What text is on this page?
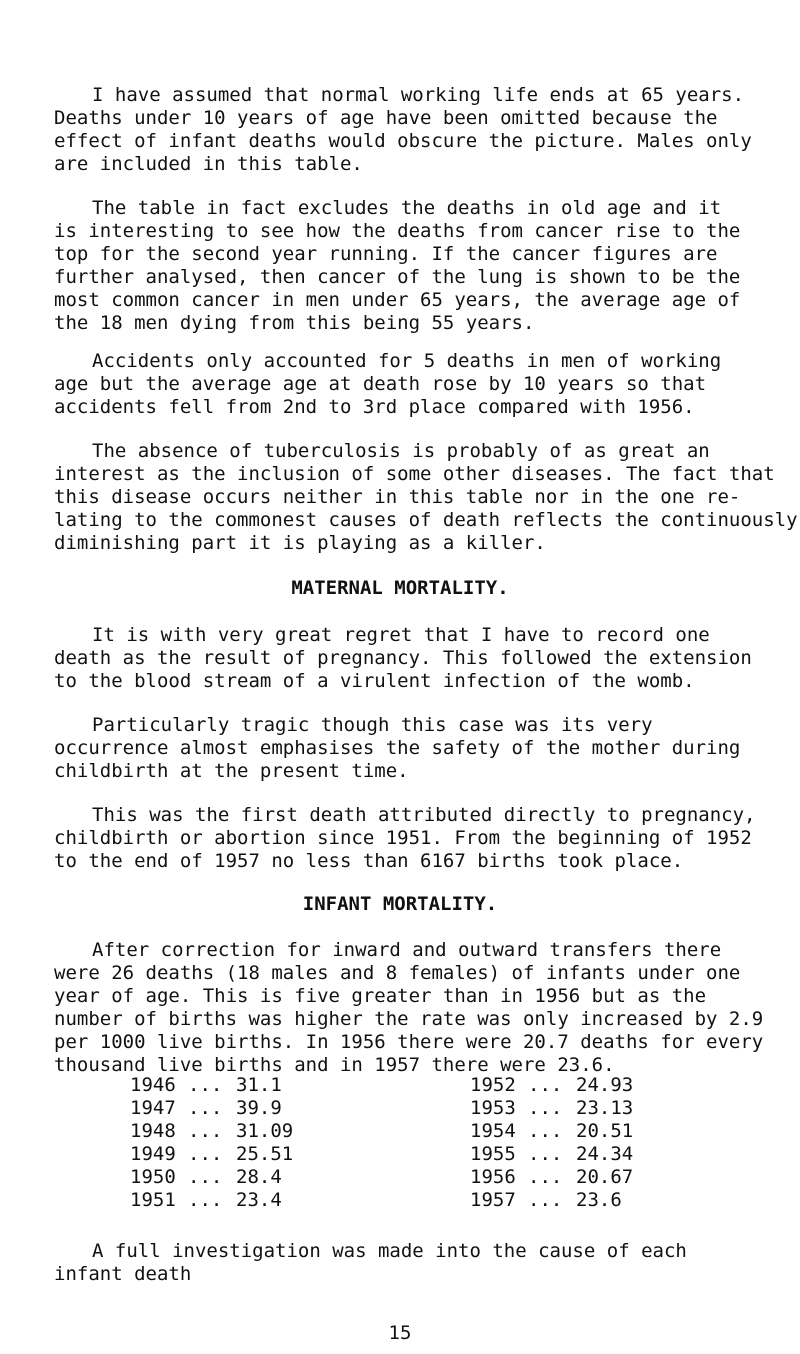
I have assumed that normal working life ends at 65 years.
Deaths under 10 years of age have been omitted because the
effect of infant deaths would obscure the picture. Males only
are included in this table.
The table in fact excludes the deaths in old age and it
is interesting to see how the deaths from cancer rise to the
top for the second year running. If the cancer figures are
further analysed, then cancer of the lung is shown to be the
most common cancer in men under 65 years, the average age of
the 18 men dying from this being 55 years.
Accidents only accounted for 5 deaths in men of working
age but the average age at death rose by 10 years so that
accidents fell from 2nd to 3rd place compared with 1956.
The absence of tuberculosis is probably of as great an
interest as the inclusion of some other diseases. The fact that
this disease occurs neither in this table nor in the one re-
lating to the commonest causes of death reflects the continuously
diminishing part it is playing as a killer.
MATERNAL MORTALITY.
It is with very great regret that I have to record one
death as the result of pregnancy. This followed the extension
to the blood stream of a virulent infection of the womb.
Particularly tragic though this case was its very
occurrence almost emphasises the safety of the mother during
childbirth at the present time.
This was the first death attributed directly to pregnancy,
childbirth or abortion since 1951. From the beginning of 1952
to the end of 1957 no less than 6167 births took place.
INFANT MORTALITY.
After correction for inward and outward transfers there
were 26 deaths (18 males and 8 females) of infants under one
year of age. This is five greater than in 1956 but as the
number of births was higher the rate was only increased by 2.9
per 1000 live births. In 1956 there were 20.7 deaths for every
thousand live births and in 1957 there were 23.6.
1946 ... 31.1	1952 ... 24.93
1947 ... 39.9	1953 ... 23.13
1948 ... 31.09	1954 ... 20.51
1949 ... 25.51	1955 ... 24.34
1950 ... 28.4	1956 ... 20.67
1951 ... 23.4	1957 ... 23.6
A full investigation was made into the cause of each
infant death
15
